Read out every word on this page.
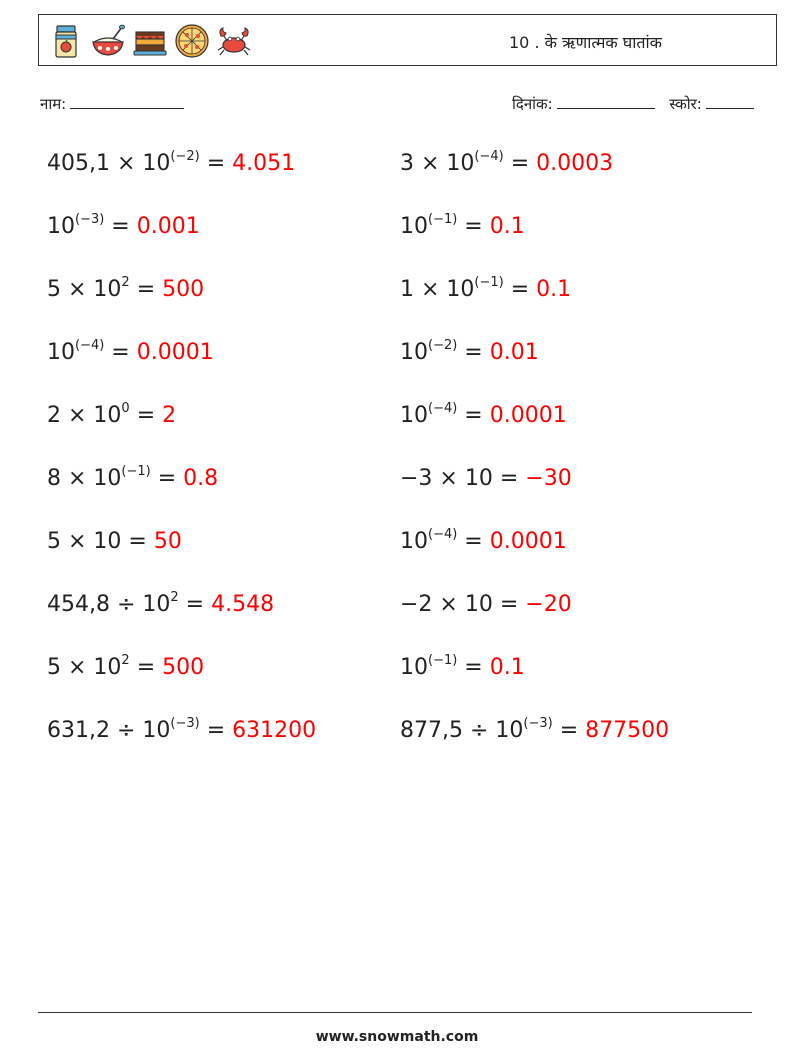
10 . के ऋणात्मक घातांक
नाम:	दिनांक:	स्कोर:
$405,1 \times 10^{(-2)} = 4.051$	$3 \times 10^{(-4)} = 0.0003$
$10^{(-3)} = 0.001$	$10^{(-1)} = 0.1$
$5 \times 10^2 = 500$	$1 \times 10^{(-1)} = 0.1$
$10^{(-4)} = 0.0001$	$10^{(-2)} = 0.01$
$2 \times 10^0 = 2$	$10^{(-4)} = 0.0001$
$8 \times 10^{(-1)} = 0.8$	−3 × 10 = −30
5 × 10 = 50	$10^{(-4)} = 0.0001$
$454,8 \div 10^2 = 4.548$	−2 × 10 = −20
$5 \times 10^2 = 500$	$10^{(-1)} = 0.1$
$631,2 \div 10^{(-3)} = 631200$	$877,5 \div 10^{(-3)} = 877500$
www.snowmath.com
